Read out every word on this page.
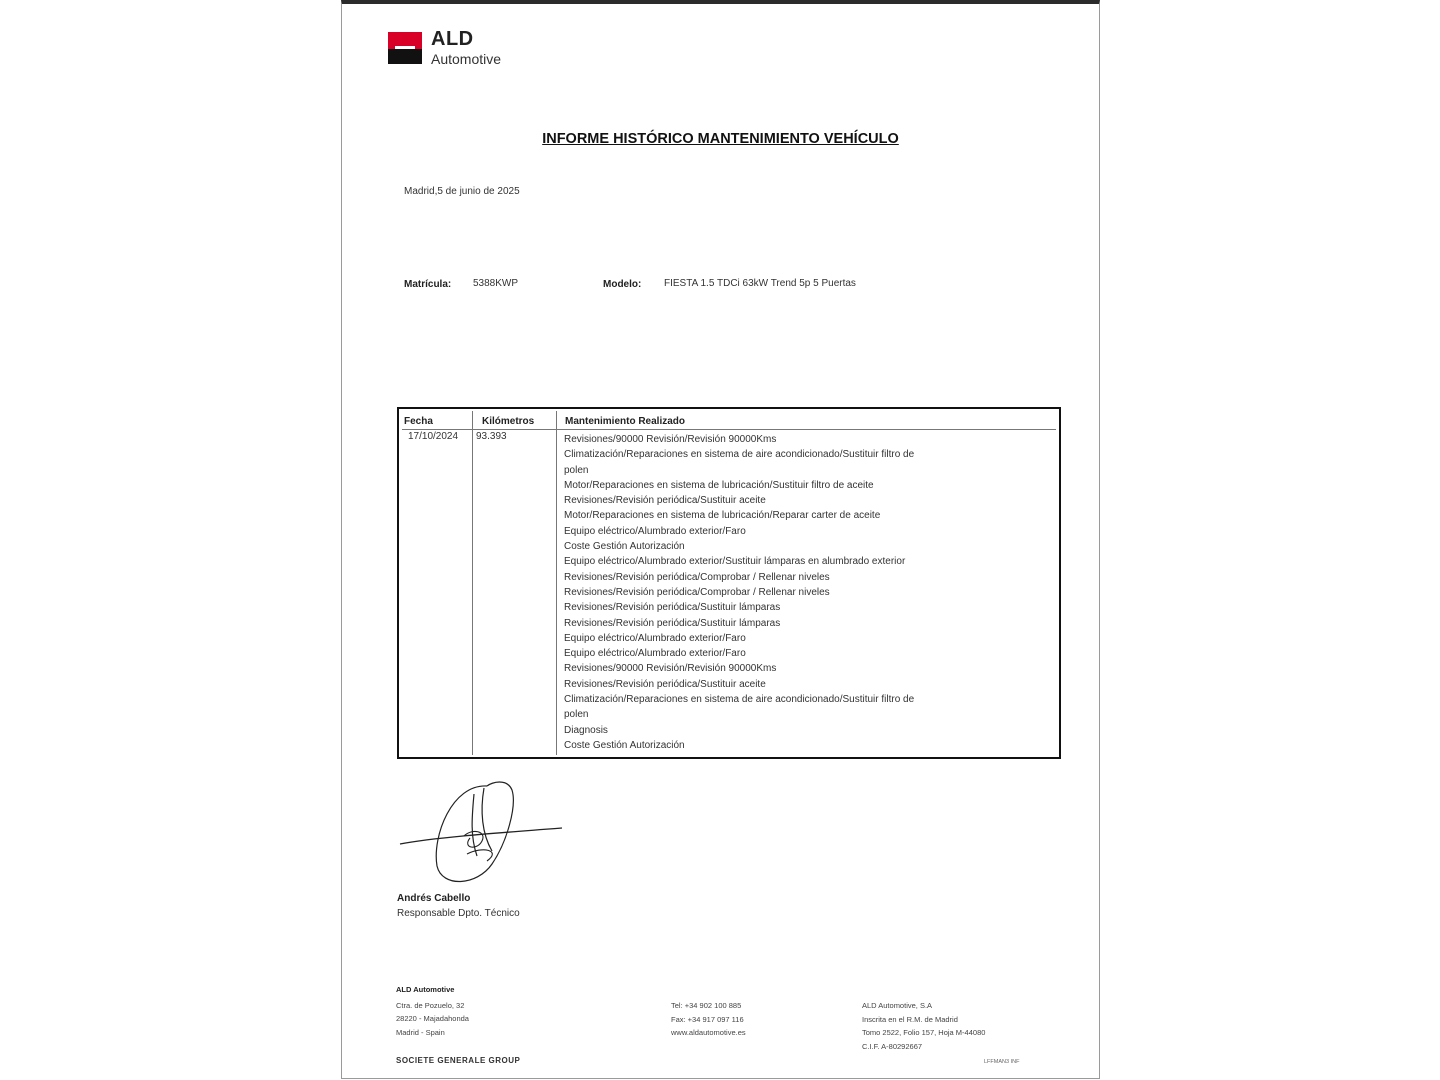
ALD
Automotive
INFORME HISTÓRICO MANTENIMIENTO VEHÍCULO
Madrid,5 de junio de 2025
Matrícula: 5388KWP	Modelo: FIESTA 1.5 TDCi 63kW Trend 5p 5 Puertas
Fecha	Kilómetros	Mantenimiento Realizado
17/10/2024 93.393	Revisiones/90000 Revisión/Revisión 90000Kms
Climatización/Reparaciones en sistema de aire acondicionado/Sustituir filtro de
polen
Motor/Reparaciones en sistema de lubricación/Sustituir filtro de aceite
Revisiones/Revisión periódica/Sustituir aceite
Motor/Reparaciones en sistema de lubricación/Reparar carter de aceite
Equipo eléctrico/Alumbrado exterior/Faro
Coste Gestión Autorización
Equipo eléctrico/Alumbrado exterior/Sustituir lámparas en alumbrado exterior
Revisiones/Revisión periódica/Comprobar / Rellenar niveles
Revisiones/Revisión periódica/Comprobar / Rellenar niveles
Revisiones/Revisión periódica/Sustituir lámparas
Revisiones/Revisión periódica/Sustituir lámparas
Equipo eléctrico/Alumbrado exterior/Faro
Equipo eléctrico/Alumbrado exterior/Faro
Revisiones/90000 Revisión/Revisión 90000Kms
Revisiones/Revisión periódica/Sustituir aceite
Climatización/Reparaciones en sistema de aire acondicionado/Sustituir filtro de
polen
Diagnosis
Coste Gestión Autorización
Andrés Cabello
Responsable Dpto. Técnico
ALD Automotive
Ctra. de Pozuelo, 32
28220 - Majadahonda
Madrid - Spain
Tel: +34 902 100 885
Fax: +34 917 097 116
www.aldautomotive.es
ALD Automotive, S.A
Inscrita en el R.M. de Madrid
Tomo 2522, Folio 157, Hoja M-44080
C.I.F. A-80292667
SOCIETE GENERALE GROUP	LFFMAN3 INF
